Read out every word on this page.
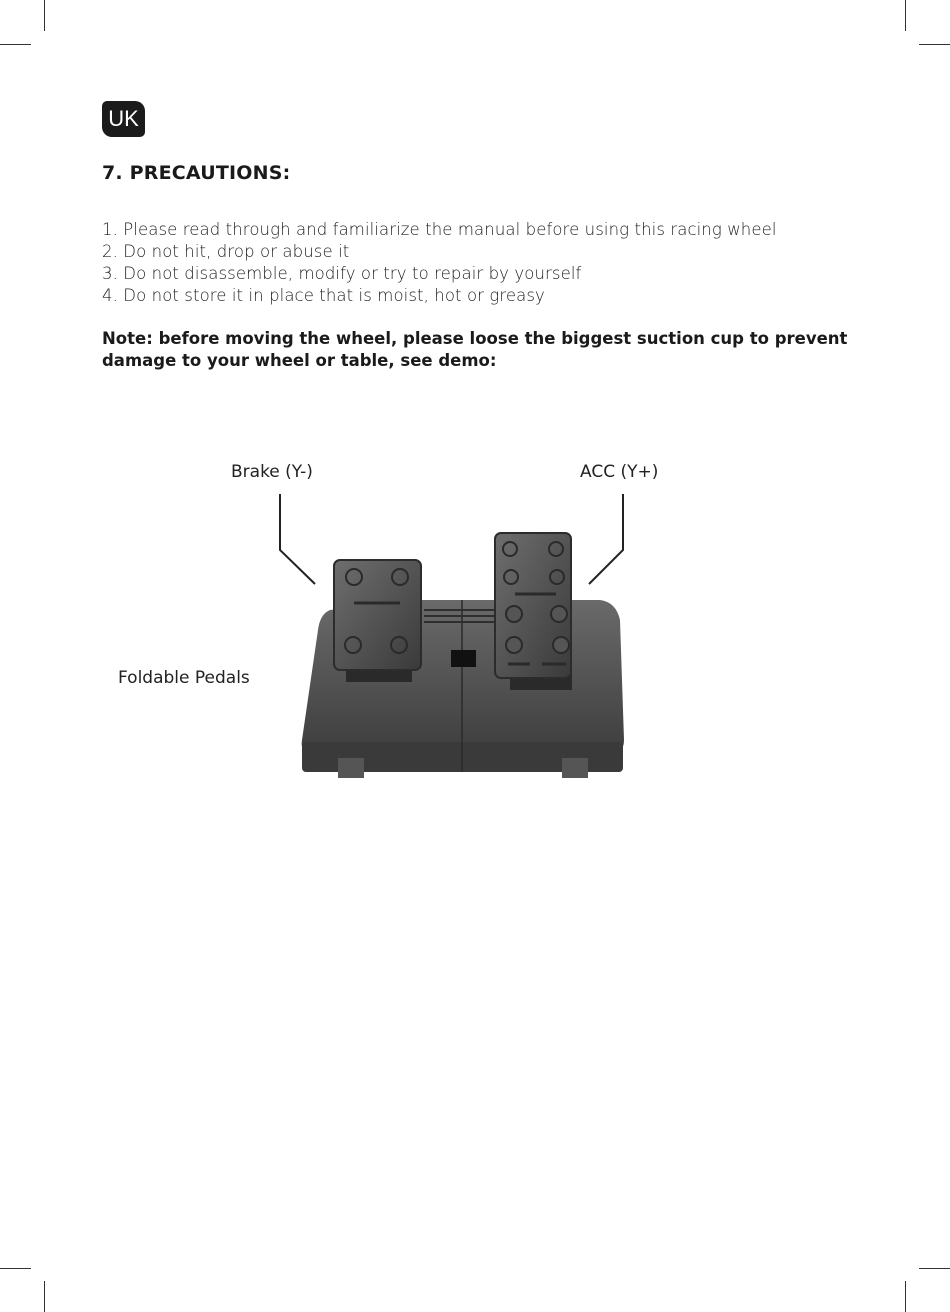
UK
7. PRECAUTIONS:
1. Please read through and familiarize the manual before using this racing wheel
2. Do not hit, drop or abuse it
3. Do not disassemble, modify or try to repair by yourself
4. Do not store it in place that is moist, hot or greasy

Note: before moving the wheel, please loose the biggest suction cup to prevent
damage to your wheel or table, see demo:

Brake (Y-)	ACC (Y+)
Foldable Pedals
